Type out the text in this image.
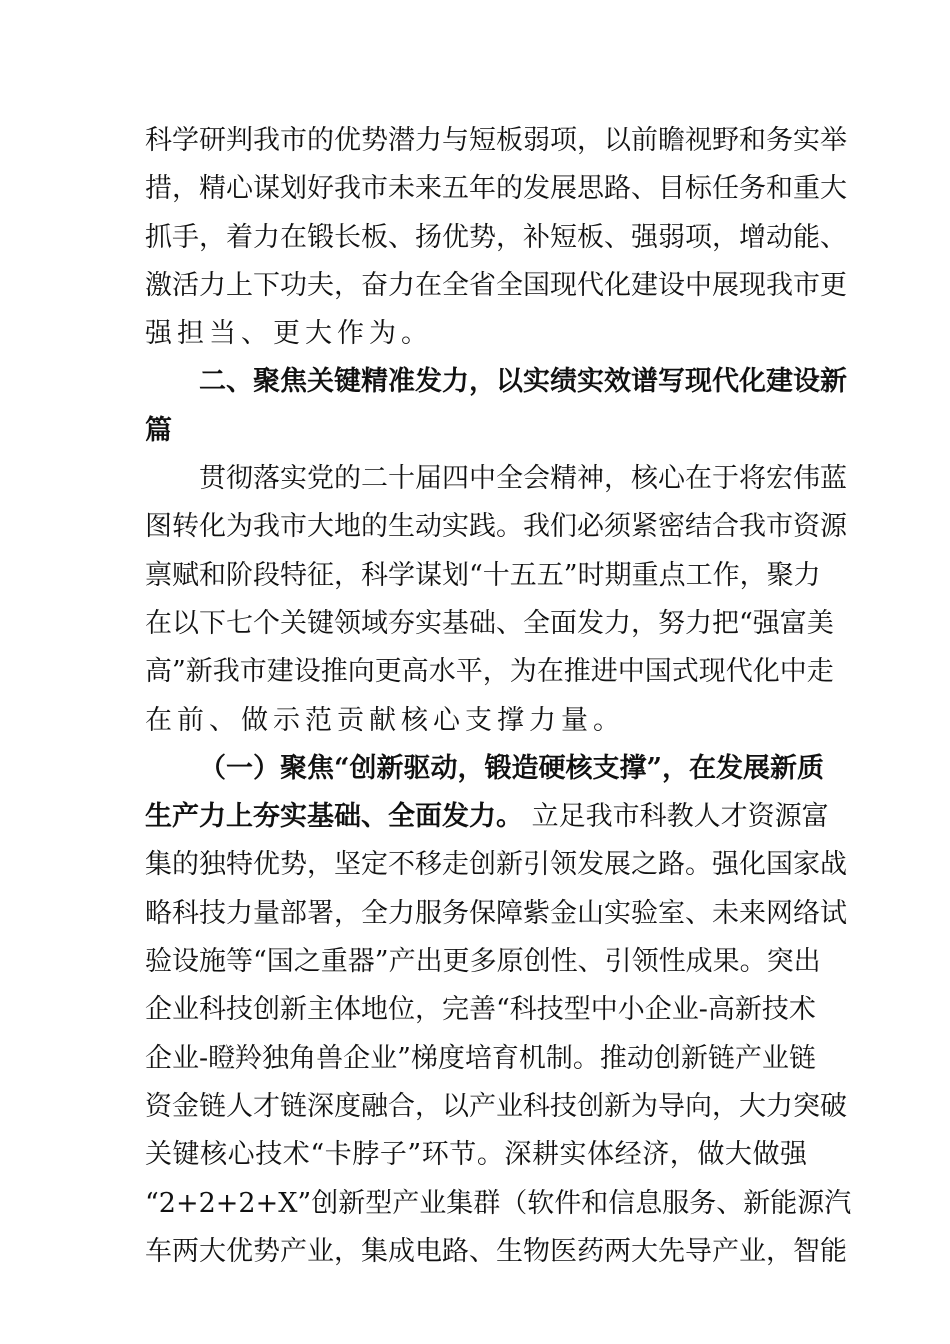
科学研判我市的优势潜力与短板弱项，以前瞻视野和务实举
措，精心谋划好我市未来五年的发展思路、目标任务和重大
抓手，着力在锻长板、扬优势，补短板、强弱项，增动能、
激活力上下功夫，奋力在全省全国现代化建设中展现我市更
强担当、更大作为。
二、聚焦关键精准发力，以实绩实效谱写现代化建设新
篇
贯彻落实党的二十届四中全会精神，核心在于将宏伟蓝
图转化为我市大地的生动实践。我们必须紧密结合我市资源
禀赋和阶段特征，科学谋划“十五五”时期重点工作，聚力
在以下七个关键领域夯实基础、全面发力，努力把“强富美
高”新我市建设推向更高水平，为在推进中国式现代化中走
在前、做示范贡献核心支撑力量。
（一）聚焦“创新驱动，锻造硬核支撑”，在发展新质
生产力上夯实基础、全面发力。 立足我市科教人才资源富
集的独特优势，坚定不移走创新引领发展之路。强化国家战
略科技力量部署，全力服务保障紫金山实验室、未来网络试
验设施等“国之重器”产出更多原创性、引领性成果。突出
企业科技创新主体地位，完善“科技型中小企业-高新技术
企业-瞪羚独角兽企业”梯度培育机制。推动创新链产业链
资金链人才链深度融合，以产业科技创新为导向，大力突破
关键核心技术“卡脖子”环节。深耕实体经济，做大做强
“2+2+2+X”创新型产业集群（软件和信息服务、新能源汽
车两大优势产业，集成电路、生物医药两大先导产业，智能
